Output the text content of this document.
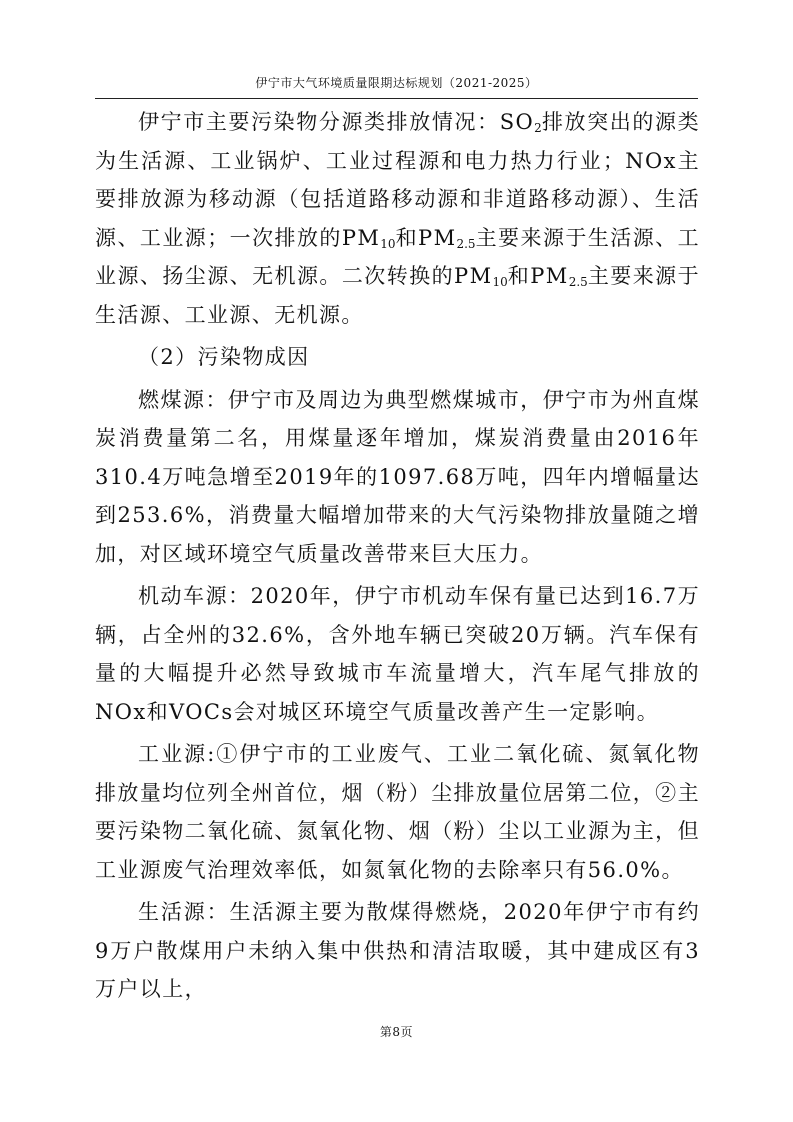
伊宁市大气环境质量限期达标规划（2021-2025）

伊宁市主要污染物分源类排放情况：$SO_2$排放突出的源类为生活源、工业锅炉、工业过程源和电力热力行业；NOx主要排放源为移动源（包括道路移动源和非道路移动源）、生活源、工业源；一次排放的$PM_{10}$和$PM_{2.5}$主要来源于生活源、工业源、扬尘源、无机源。二次转换的$PM_{10}$和$PM_{2.5}$主要来源于生活源、工业源、无机源。

（2）污染物成因

燃煤源：伊宁市及周边为典型燃煤城市，伊宁市为州直煤炭消费量第二名，用煤量逐年增加，煤炭消费量由2016年310.4万吨急增至2019年的1097.68万吨，四年内增幅量达到253.6%，消费量大幅增加带来的大气污染物排放量随之增加，对区域环境空气质量改善带来巨大压力。

机动车源：2020年，伊宁市机动车保有量已达到16.7万辆，占全州的32.6%，含外地车辆已突破20万辆。汽车保有量的大幅提升必然导致城市车流量增大，汽车尾气排放的NOx和VOCs会对城区环境空气质量改善产生一定影响。

工业源:①伊宁市的工业废气、工业二氧化硫、氮氧化物排放量均位列全州首位，烟（粉）尘排放量位居第二位，②主要污染物二氧化硫、氮氧化物、烟（粉）尘以工业源为主，但工业源废气治理效率低，如氮氧化物的去除率只有56.0%。

生活源：生活源主要为散煤得燃烧，2020年伊宁市有约9万户散煤用户未纳入集中供热和清洁取暖，其中建成区有3万户以上，

第8页
